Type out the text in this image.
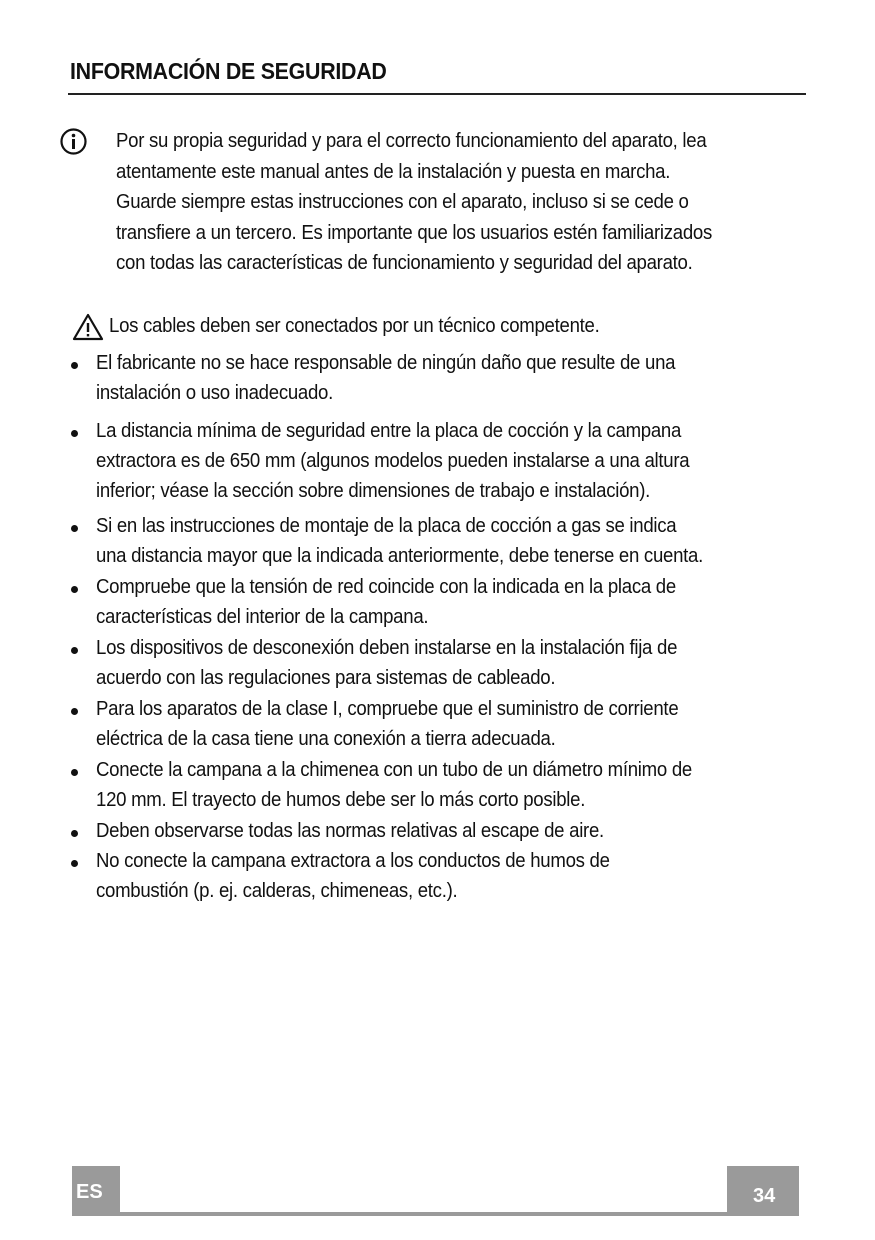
INFORMACIÓN DE SEGURIDAD
Por su propia seguridad y para el correcto funcionamiento del aparato, lea
atentamente este manual antes de la instalación y puesta en marcha.
Guarde siempre estas instrucciones con el aparato, incluso si se cede o
transfiere a un tercero. Es importante que los usuarios estén familiarizados
con todas las características de funcionamiento y seguridad del aparato.
Los cables deben ser conectados por un técnico competente.
El fabricante no se hace responsable de ningún daño que resulte de una
instalación o uso inadecuado.
La distancia mínima de seguridad entre la placa de cocción y la campana
extractora es de 650 mm (algunos modelos pueden instalarse a una altura
inferior; véase la sección sobre dimensiones de trabajo e instalación).
Si en las instrucciones de montaje de la placa de cocción a gas se indica
una distancia mayor que la indicada anteriormente, debe tenerse en cuenta.
Compruebe que la tensión de red coincide con la indicada en la placa de
características del interior de la campana.
Los dispositivos de desconexión deben instalarse en la instalación fija de
acuerdo con las regulaciones para sistemas de cableado.
Para los aparatos de la clase I, compruebe que el suministro de corriente
eléctrica de la casa tiene una conexión a tierra adecuada.
Conecte la campana a la chimenea con un tubo de un diámetro mínimo de
120 mm. El trayecto de humos debe ser lo más corto posible.
Deben observarse todas las normas relativas al escape de aire.
No conecte la campana extractora a los conductos de humos de
combustión (p. ej. calderas, chimeneas, etc.).
ES	34
